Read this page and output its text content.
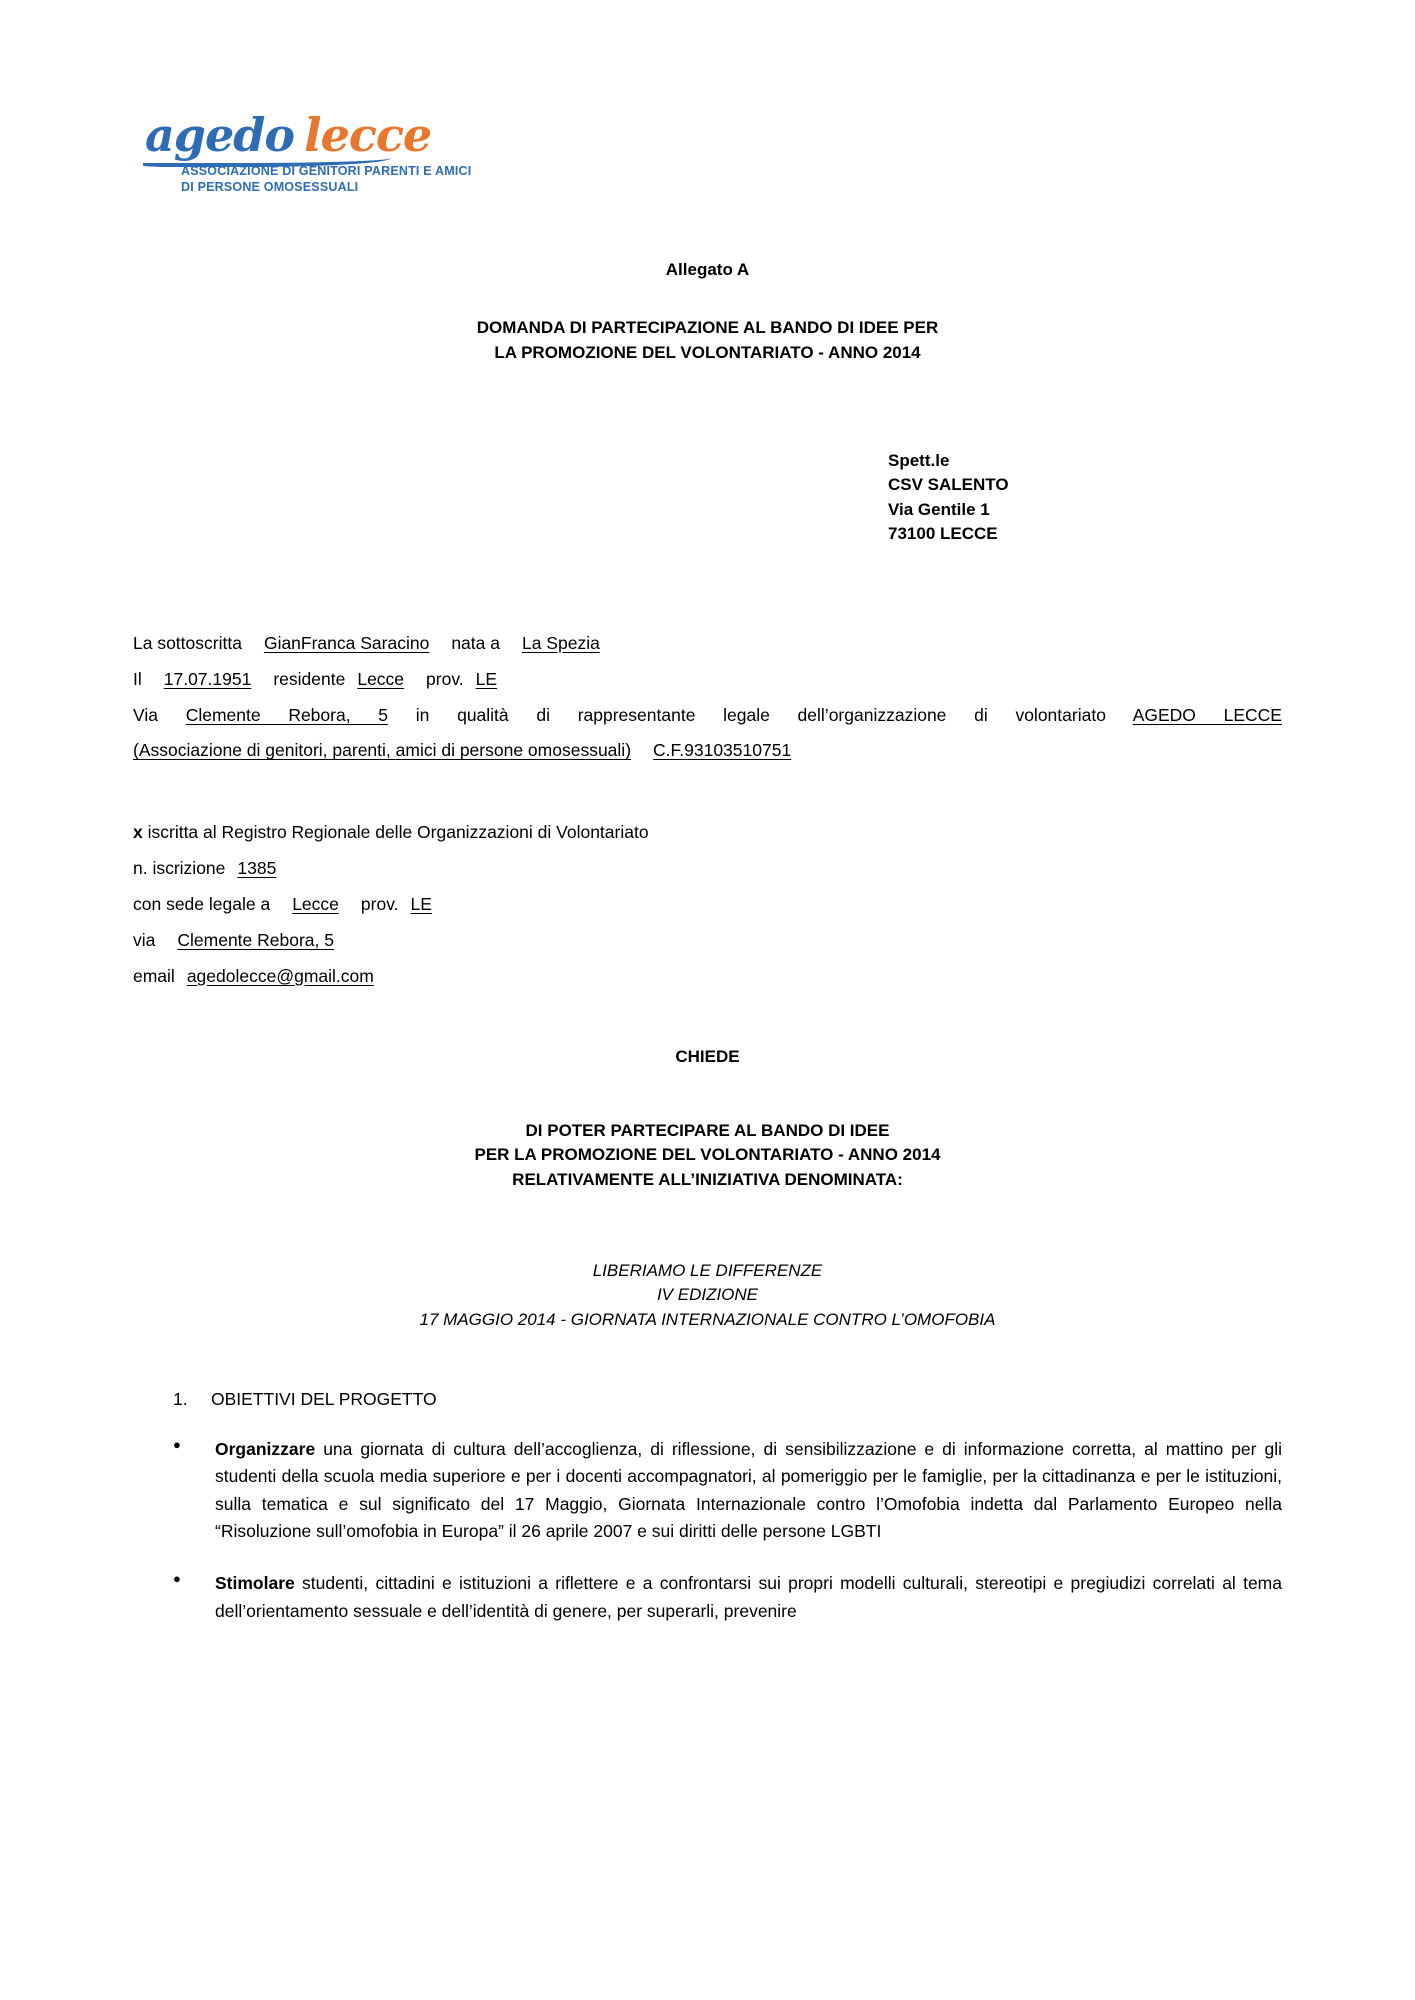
agedo lecce
ASSOCIAZIONE DI GENITORI PARENTI E AMICI
DI PERSONE OMOSESSUALI
Allegato A
DOMANDA DI PARTECIPAZIONE AL BANDO DI IDEE PER
LA PROMOZIONE DEL VOLONTARIATO - ANNO 2014
Spett.le
CSV SALENTO
Via Gentile 1
73100 LECCE
La sottoscritta GianFranca Saracino nata a La Spezia
Il 17.07.1951 residente Lecce prov. LE
Via Clemente Rebora, 5 in qualità di rappresentante legale dell’organizzazione di volontariato AGEDO LECCE
(Associazione di genitori, parenti, amici di persone omosessuali) C.F.93103510751
x iscritta al Registro Regionale delle Organizzazioni di Volontariato
n. iscrizione 1385
con sede legale a Lecce prov. LE
via Clemente Rebora, 5
email agedolecce@gmail.com
CHIEDE
DI POTER PARTECIPARE AL BANDO DI IDEE
PER LA PROMOZIONE DEL VOLONTARIATO - ANNO 2014
RELATIVAMENTE ALL’INIZIATIVA DENOMINATA:
LIBERIAMO LE DIFFERENZE
IV EDIZIONE
17 MAGGIO 2014 - GIORNATA INTERNAZIONALE CONTRO L’OMOFOBIA
1. OBIETTIVI DEL PROGETTO
● Organizzare una giornata di cultura dell’accoglienza, di riflessione, di sensibilizzazione e di informazione corretta, al mattino per gli studenti della scuola media superiore e per i docenti accompagnatori, al pomeriggio per le famiglie, per la cittadinanza e per le istituzioni, sulla tematica e sul significato del 17 Maggio, Giornata Internazionale contro l’Omofobia indetta dal Parlamento Europeo nella “Risoluzione sull’omofobia in Europa” il 26 aprile 2007 e sui diritti delle persone LGBTI
● Stimolare studenti, cittadini e istituzioni a riflettere e a confrontarsi sui propri modelli culturali, stereotipi e pregiudizi correlati al tema dell’orientamento sessuale e dell’identità di genere, per superarli, prevenire
